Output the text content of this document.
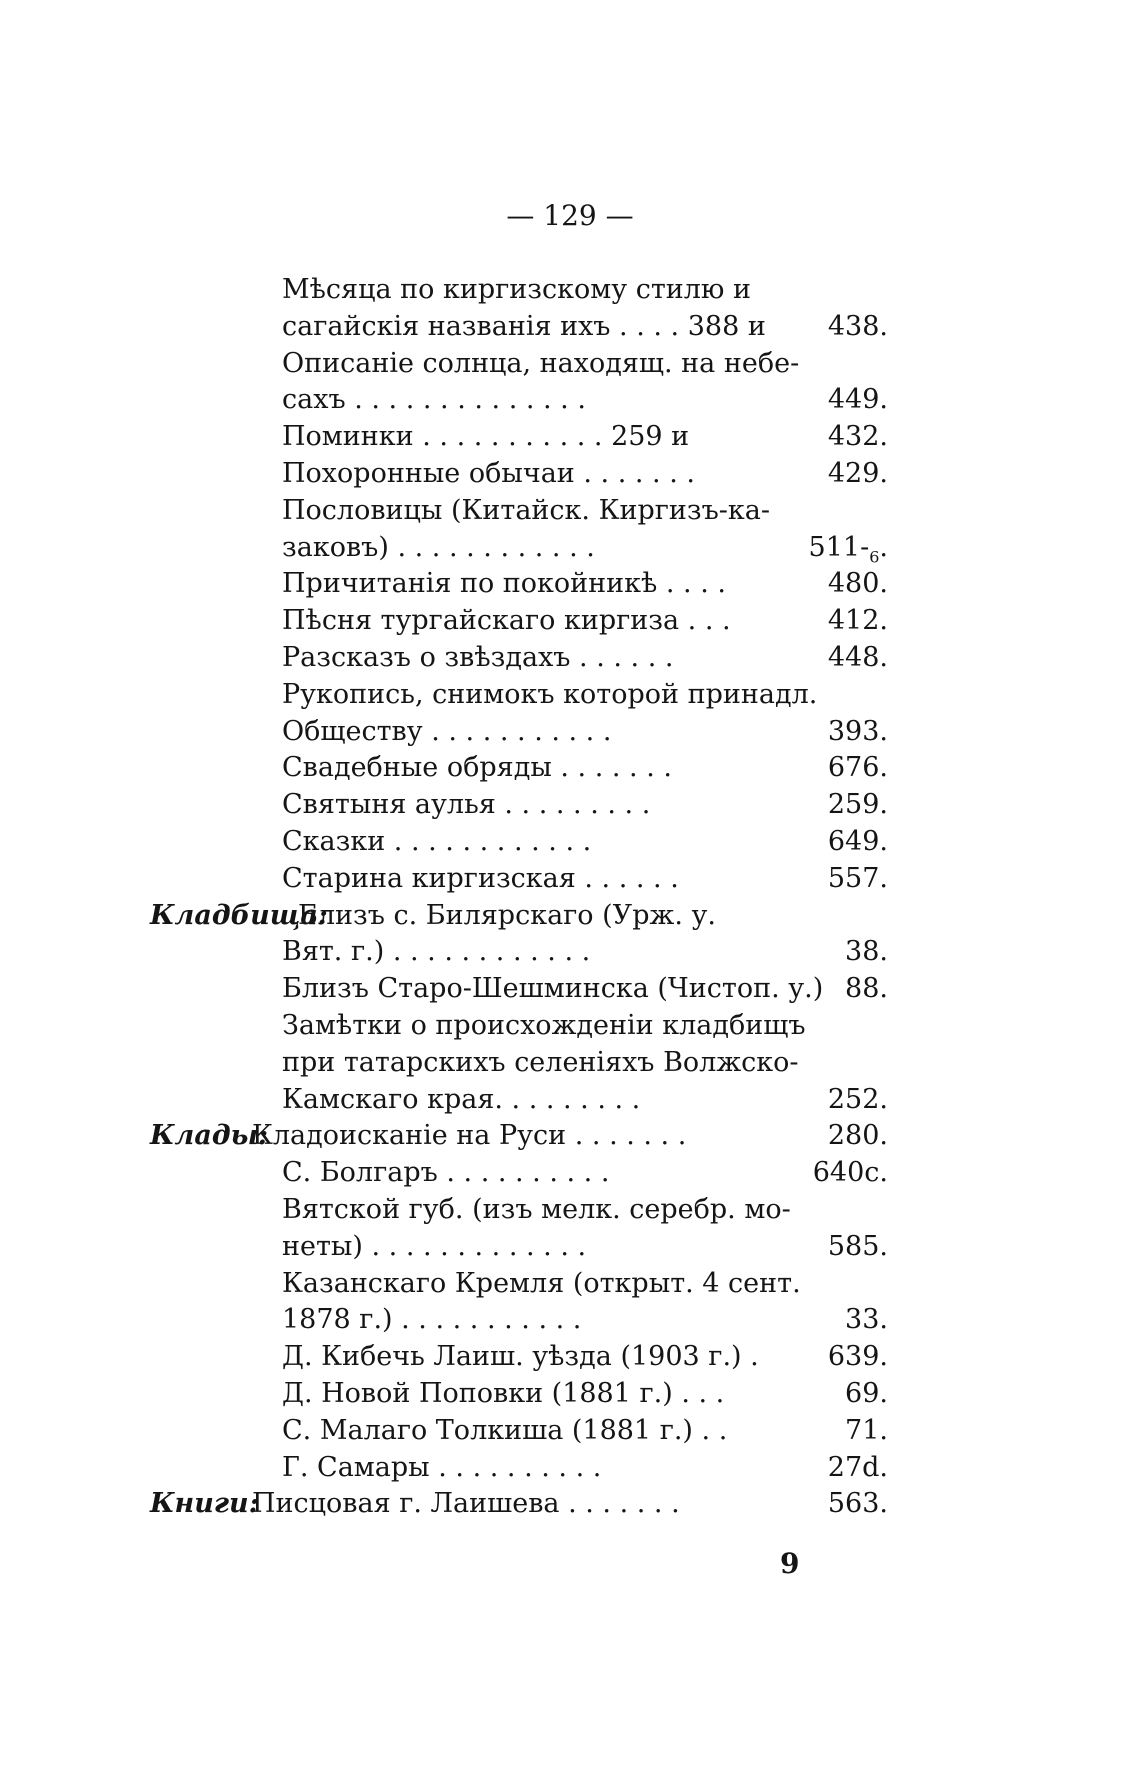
— 129 —
Мѣсяца по киргизскому стилю и
сагайскія названія ихъ . . . . 388 и 438.
Описаніе солнца, находящ. на небе-
сахъ . . . . . . . . . . . . . .	449.
Поминки . . . . . . . . . . . 259 и	432.
Похоронные обычаи . . . . . . .	429.
Пословицы (Китайск. Киргизъ-ка-
заковъ) . . . . . . . . . . . .	$511-_6$.
Причитанія по покойникѣ . . . .	480.
Пѣсня тургайскаго киргиза . . .	412.
Разсказъ о звѣздахъ . . . . . .	448.
Рукопись, снимокъ которой принадл.
Обществу . . . . . . . . . . .	393.
Свадебные обряды . . . . . . .	676.
Святыня аулья . . . . . . . . .	259.
Сказки . . . . . . . . . . . .	649.
Старина киргизская . . . . . .	557.
Кладбища:
Близъ с. Билярскаго (Урж. у.
Вят. г.) . . . . . . . . . . . .	38.
Близъ Старо-Шешминска (Чистоп. у.) 88.
Замѣтки о происхожденіи кладбищъ
при татарскихъ селеніяхъ Волжско-
Камскаго края. . . . . . . . .	252.
Клады:
Кладоисканіе на Руси . . . . . . .	280.
С. Болгаръ . . . . . . . . . .	640с.
Вятской губ. (изъ мелк. серебр. мо-
неты) . . . . . . . . . . . . .	585.
Казанскаго Кремля (открыт. 4 сент.
1878 г.) . . . . . . . . . . .	33.
Д. Кибечь Лаиш. уѣзда (1903 г.) .	639.
Д. Новой Поповки (1881 г.) . . .	69.
С. Малаго Толкиша (1881 г.) . .	71.
Г. Самары . . . . . . . . . .	27d.
Книги:
Писцовая г. Лаишева . . . . . . .	563.
9
